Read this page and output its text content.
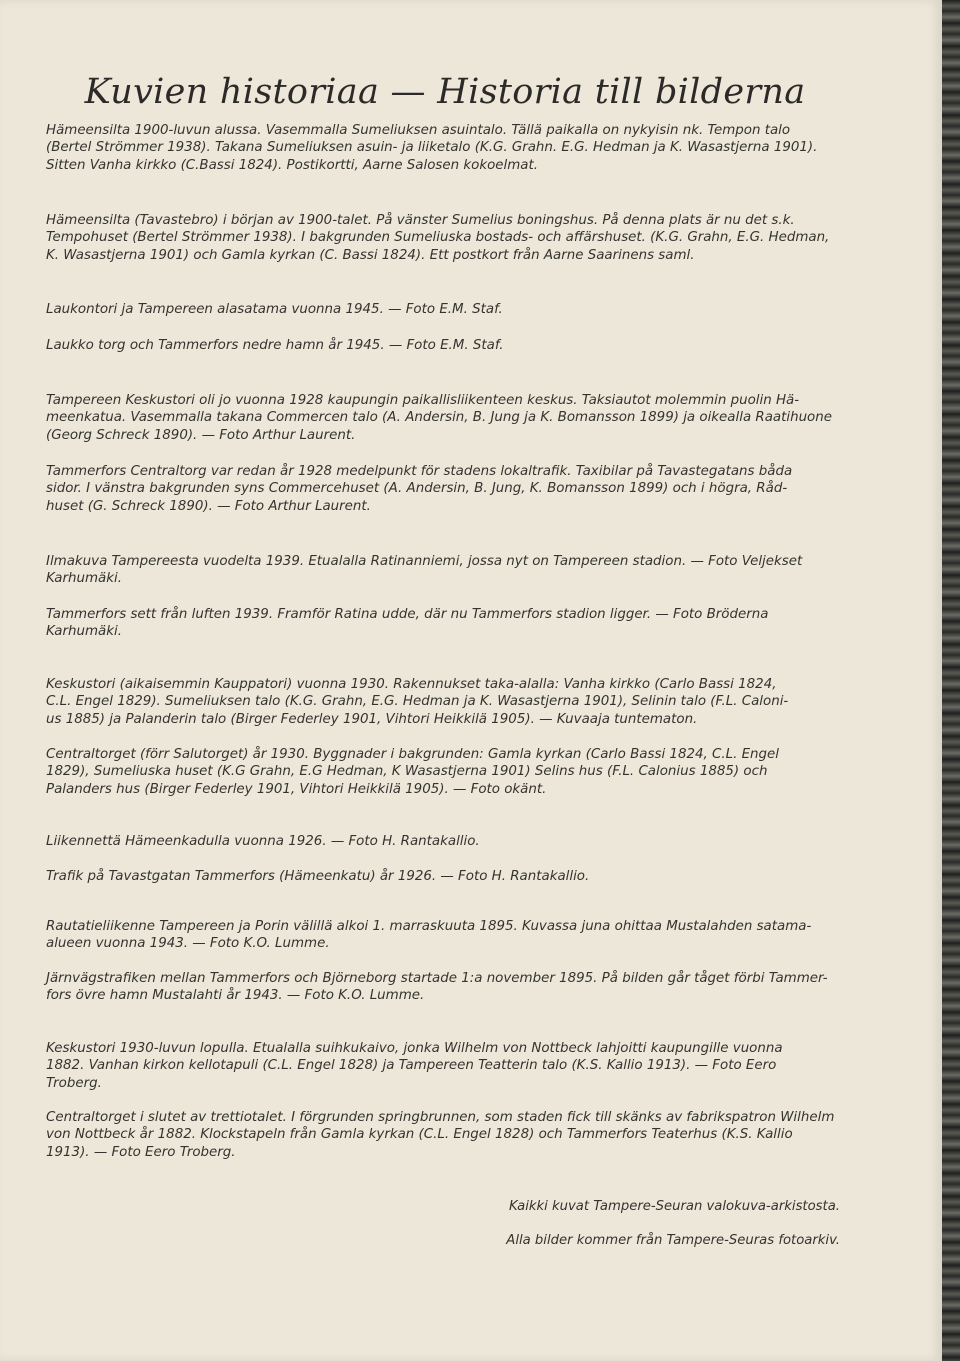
Kuvien historiaa — Historia till bilderna
Hämeensilta 1900-luvun alussa. Vasemmalla Sumeliuksen asuintalo. Tällä paikalla on nykyisin nk. Tempon talo
(Bertel Strömmer 1938). Takana Sumeliuksen asuin- ja liiketalo (K.G. Grahn. E.G. Hedman ja K. Wasastjerna 1901).
Sitten Vanha kirkko (C.Bassi 1824). Postikortti, Aarne Salosen kokoelmat.
Hämeensilta (Tavastebro) i början av 1900-talet. På vänster Sumelius boningshus. På denna plats är nu det s.k.
Tempohuset (Bertel Strömmer 1938). I bakgrunden Sumeliuska bostads- och affärshuset. (K.G. Grahn, E.G. Hedman,
K. Wasastjerna 1901) och Gamla kyrkan (C. Bassi 1824). Ett postkort från Aarne Saarinens saml.
Laukontori ja Tampereen alasatama vuonna 1945. — Foto E.M. Staf.
Laukko torg och Tammerfors nedre hamn år 1945. — Foto E.M. Staf.
Tampereen Keskustori oli jo vuonna 1928 kaupungin paikallisliikenteen keskus. Taksiautot molemmin puolin Hä-
meenkatua. Vasemmalla takana Commercen talo (A. Andersin, B. Jung ja K. Bomansson 1899) ja oikealla Raatihuone
(Georg Schreck 1890). — Foto Arthur Laurent.
Tammerfors Centraltorg var redan år 1928 medelpunkt för stadens lokaltrafik. Taxibilar på Tavastegatans båda
sidor. I vänstra bakgrunden syns Commercehuset (A. Andersin, B. Jung, K. Bomansson 1899) och i högra, Råd-
huset (G. Schreck 1890). — Foto Arthur Laurent.
Ilmakuva Tampereesta vuodelta 1939. Etualalla Ratinanniemi, jossa nyt on Tampereen stadion. — Foto Veljekset
Karhumäki.
Tammerfors sett från luften 1939. Framför Ratina udde, där nu Tammerfors stadion ligger. — Foto Bröderna
Karhumäki.
Keskustori (aikaisemmin Kauppatori) vuonna 1930. Rakennukset taka-alalla: Vanha kirkko (Carlo Bassi 1824,
C.L. Engel 1829). Sumeliuksen talo (K.G. Grahn, E.G. Hedman ja K. Wasastjerna 1901), Selinin talo (F.L. Caloni-
us 1885) ja Palanderin talo (Birger Federley 1901, Vihtori Heikkilä 1905). — Kuvaaja tuntematon.
Centraltorget (förr Salutorget) år 1930. Byggnader i bakgrunden: Gamla kyrkan (Carlo Bassi 1824, C.L. Engel
1829), Sumeliuska huset (K.G Grahn, E.G Hedman, K Wasastjerna 1901) Selins hus (F.L. Calonius 1885) och
Palanders hus (Birger Federley 1901, Vihtori Heikkilä 1905). — Foto okänt.
Liikennettä Hämeenkadulla vuonna 1926. — Foto H. Rantakallio.
Trafik på Tavastgatan Tammerfors (Hämeenkatu) år 1926. — Foto H. Rantakallio.
Rautatieliikenne Tampereen ja Porin välillä alkoi 1. marraskuuta 1895. Kuvassa juna ohittaa Mustalahden satama-
alueen vuonna 1943. — Foto K.O. Lumme.
Järnvägstrafiken mellan Tammerfors och Björneborg startade 1:a november 1895. På bilden går tåget förbi Tammer-
fors övre hamn Mustalahti år 1943. — Foto K.O. Lumme.
Keskustori 1930-luvun lopulla. Etualalla suihkukaivo, jonka Wilhelm von Nottbeck lahjoitti kaupungille vuonna
1882. Vanhan kirkon kellotapuli (C.L. Engel 1828) ja Tampereen Teatterin talo (K.S. Kallio 1913). — Foto Eero
Troberg.
Centraltorget i slutet av trettiotalet. I förgrunden springbrunnen, som staden fick till skänks av fabrikspatron Wilhelm
von Nottbeck år 1882. Klockstapeln från Gamla kyrkan (C.L. Engel 1828) och Tammerfors Teaterhus (K.S. Kallio
1913). — Foto Eero Troberg.
Kaikki kuvat Tampere-Seuran valokuva-arkistosta.
Alla bilder kommer från Tampere-Seuras fotoarkiv.
